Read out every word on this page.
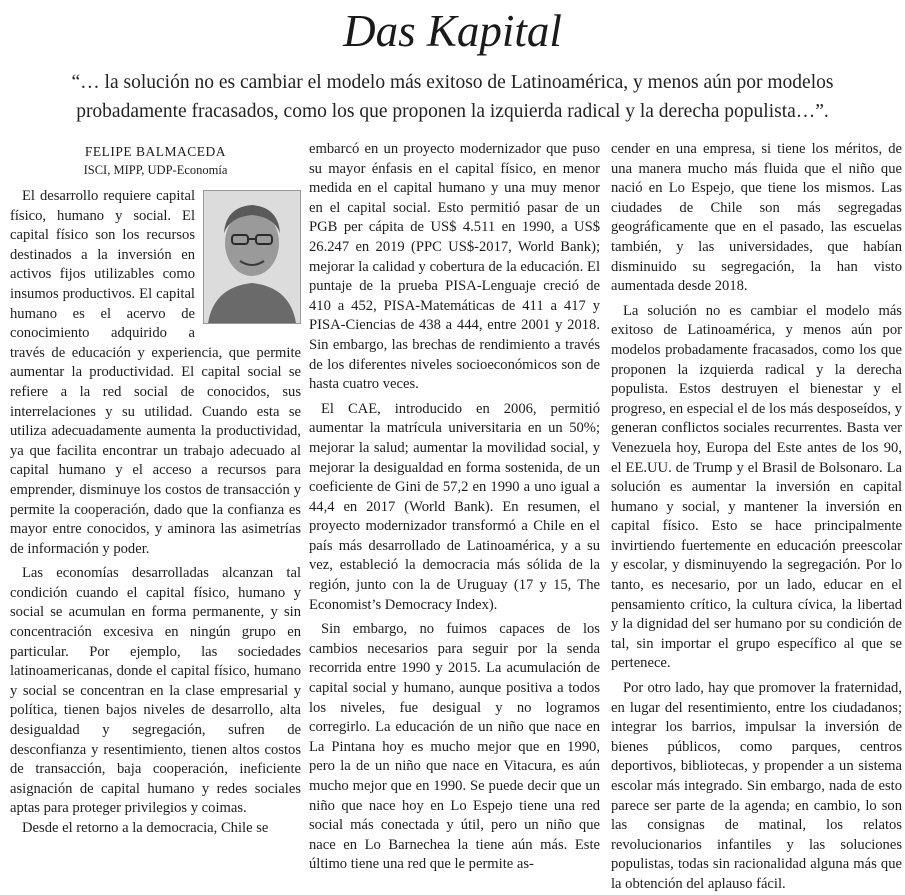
Das Kapital
“… la solución no es cambiar el modelo más exitoso de Latinoamérica, y menos aún por modelos probadamente fracasados, como los que proponen la izquierda radical y la derecha populista…”.
FELIPE BALMACEDA
ISCI, MIPP, UDP-Economía

El desarrollo requiere capital físico, humano y social. El capital físico son los recursos destinados a la inversión en activos fijos utilizables como insumos productivos. El capital humano es el acervo de conocimiento adquirido a través de educación y experiencia, que permite aumentar la productividad. El capital social se refiere a la red social de conocidos, sus interrelaciones y su utilidad. Cuando esta se utiliza adecuadamente aumenta la productividad, ya que facilita encontrar un trabajo adecuado al capital humano y el acceso a recursos para emprender, disminuye los costos de transacción y permite la cooperación, dado que la confianza es mayor entre conocidos, y aminora las asimetrías de información y poder.

Las economías desarrolladas alcanzan tal condición cuando el capital físico, humano y social se acumulan en forma permanente, y sin concentración excesiva en ningún grupo en particular. Por ejemplo, las sociedades latinoamericanas, donde el capital físico, humano y social se concentran en la clase empresarial y política, tienen bajos niveles de desarrollo, alta desigualdad y segregación, sufren de desconfianza y resentimiento, tienen altos costos de transacción, baja cooperación, ineficiente asignación de capital humano y redes sociales aptas para proteger privilegios y coimas.

Desde el retorno a la democracia, Chile se

embarcó en un proyecto modernizador que puso su mayor énfasis en el capital físico, en menor medida en el capital humano y una muy menor en el capital social. Esto permitió pasar de un PGB per cápita de US$ 4.511 en 1990, a US$ 26.247 en 2019 (PPC US$-2017, World Bank); mejorar la calidad y cobertura de la educación. El puntaje de la prueba PISA-Lenguaje creció de 410 a 452, PISA-Matemáticas de 411 a 417 y PISA-Ciencias de 438 a 444, entre 2001 y 2018. Sin embargo, las brechas de rendimiento a través de los diferentes niveles socioeconómicos son de hasta cuatro veces.

El CAE, introducido en 2006, permitió aumentar la matrícula universitaria en un 50%; mejorar la salud; aumentar la movilidad social, y mejorar la desigualdad en forma sostenida, de un coeficiente de Gini de 57,2 en 1990 a uno igual a 44,4 en 2017 (World Bank). En resumen, el proyecto modernizador transformó a Chile en el país más desarrollado de Latinoamérica, y a su vez, estableció la democracia más sólida de la región, junto con la de Uruguay (17 y 15, The Economist’s Democracy Index).

Sin embargo, no fuimos capaces de los cambios necesarios para seguir por la senda recorrida entre 1990 y 2015. La acumulación de capital social y humano, aunque positiva a todos los niveles, fue desigual y no logramos corregirlo. La educación de un niño que nace en La Pintana hoy es mucho mejor que en 1990, pero la de un niño que nace en Vitacura, es aún mucho mejor que en 1990. Se puede decir que un niño que nace hoy en Lo Espejo tiene una red social más conectada y útil, pero un niño que nace en Lo Barnechea la tiene aún más. Este último tiene una red que le permite as-

cender en una empresa, si tiene los méritos, de una manera mucho más fluida que el niño que nació en Lo Espejo, que tiene los mismos. Las ciudades de Chile son más segregadas geográficamente que en el pasado, las escuelas también, y las universidades, que habían disminuido su segregación, la han visto aumentada desde 2018.

La solución no es cambiar el modelo más exitoso de Latinoamérica, y menos aún por modelos probadamente fracasados, como los que proponen la izquierda radical y la derecha populista. Estos destruyen el bienestar y el progreso, en especial el de los más desposeídos, y generan conflictos sociales recurrentes. Basta ver Venezuela hoy, Europa del Este antes de los 90, el EE.UU. de Trump y el Brasil de Bolsonaro. La solución es aumentar la inversión en capital humano y social, y mantener la inversión en capital físico. Esto se hace principalmente invirtiendo fuertemente en educación preescolar y escolar, y disminuyendo la segregación. Por lo tanto, es necesario, por un lado, educar en el pensamiento crítico, la cultura cívica, la libertad y la dignidad del ser humano por su condición de tal, sin importar el grupo específico al que se pertenece.

Por otro lado, hay que promover la fraternidad, en lugar del resentimiento, entre los ciudadanos; integrar los barrios, impulsar la inversión de bienes públicos, como parques, centros deportivos, bibliotecas, y propender a un sistema escolar más integrado. Sin embargo, nada de esto parece ser parte de la agenda; en cambio, lo son las consignas de matinal, los relatos revolucionarios infantiles y las soluciones populistas, todas sin racionalidad alguna más que la obtención del aplauso fácil.
